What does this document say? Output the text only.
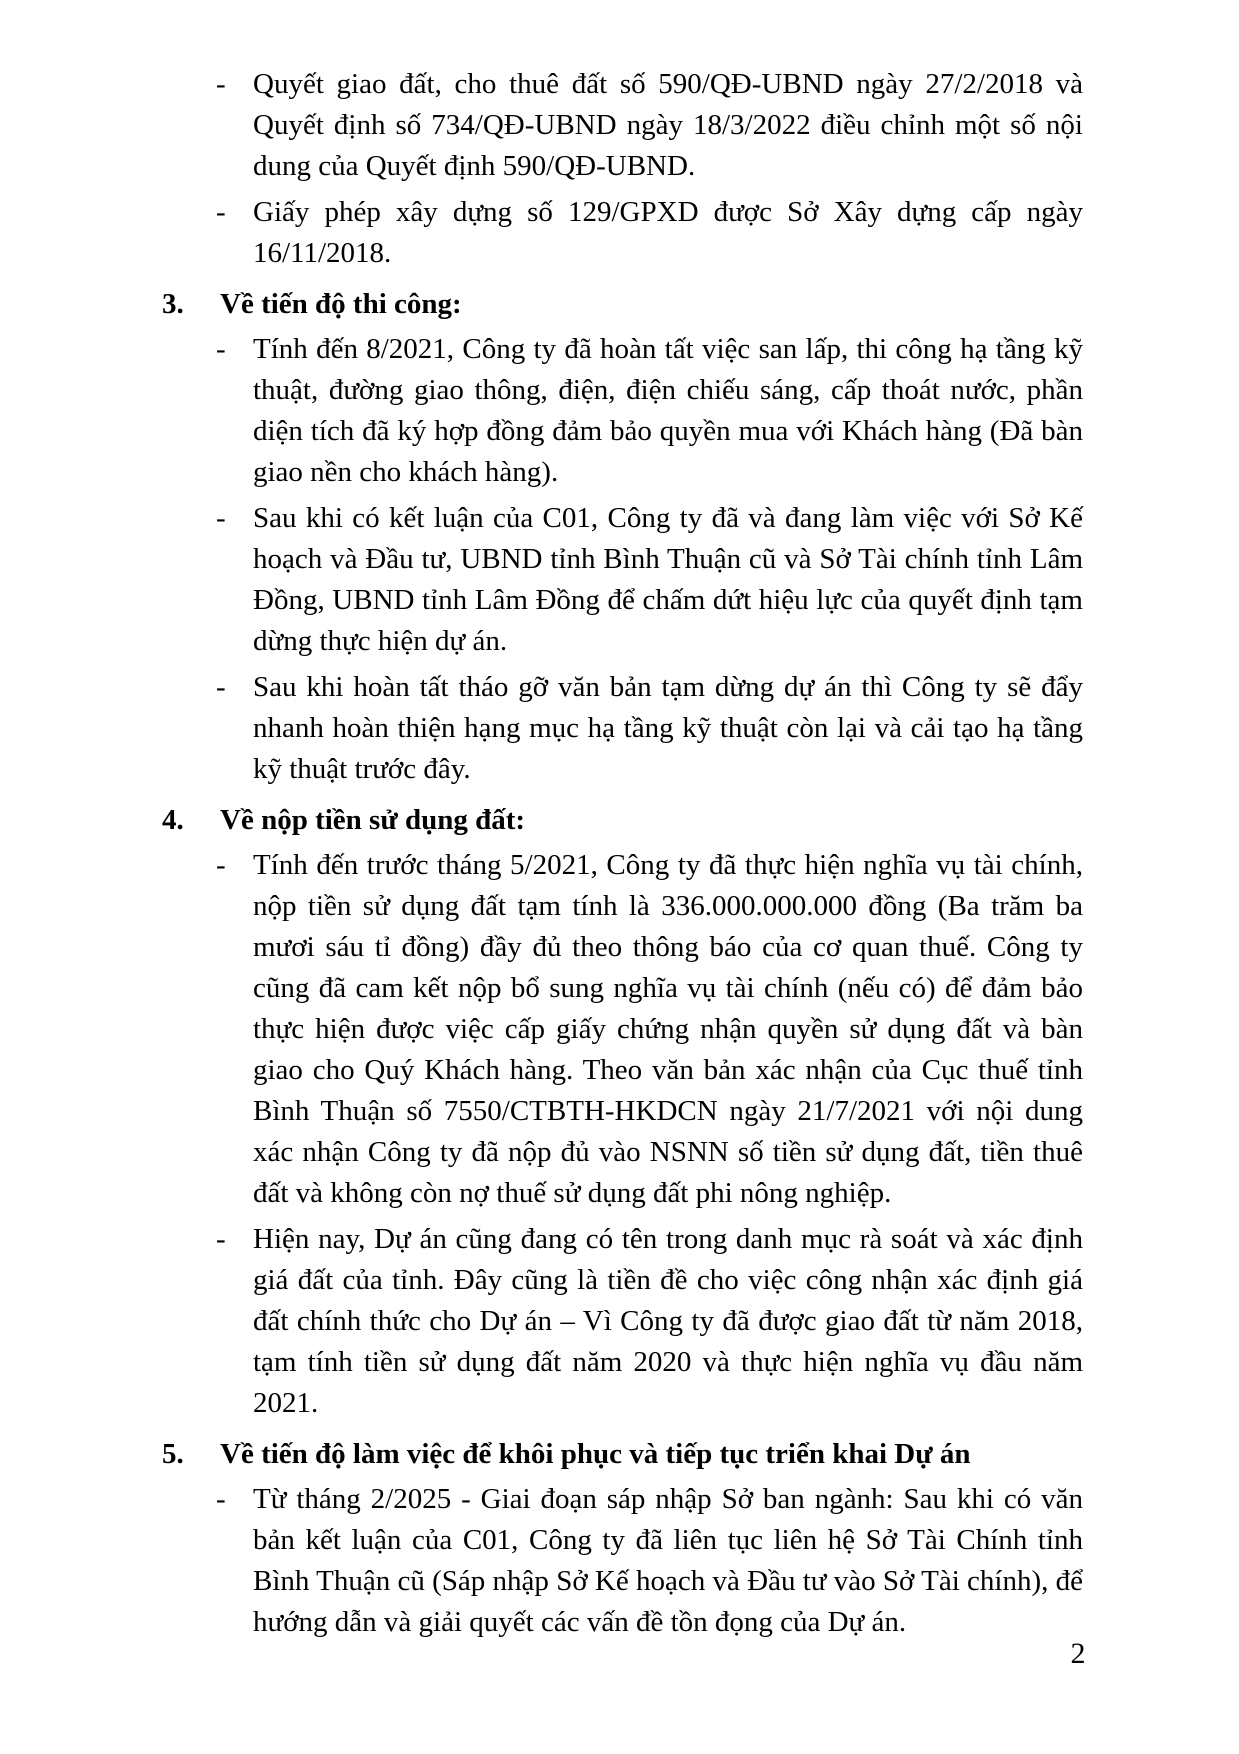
- Quyết giao đất, cho thuê đất số 590/QĐ-UBND ngày 27/2/2018 và Quyết định số 734/QĐ-UBND ngày 18/3/2022 điều chỉnh một số nội dung của Quyết định 590/QĐ-UBND.

- Giấy phép xây dựng số 129/GPXD được Sở Xây dựng cấp ngày 16/11/2018.

3. Về tiến độ thi công:

- Tính đến 8/2021, Công ty đã hoàn tất việc san lấp, thi công hạ tầng kỹ thuật, đường giao thông, điện, điện chiếu sáng, cấp thoát nước, phần diện tích đã ký hợp đồng đảm bảo quyền mua với Khách hàng (Đã bàn giao nền cho khách hàng).

- Sau khi có kết luận của C01, Công ty đã và đang làm việc với Sở Kế hoạch và Đầu tư, UBND tỉnh Bình Thuận cũ và Sở Tài chính tỉnh Lâm Đồng, UBND tỉnh Lâm Đồng để chấm dứt hiệu lực của quyết định tạm dừng thực hiện dự án.

- Sau khi hoàn tất tháo gỡ văn bản tạm dừng dự án thì Công ty sẽ đẩy nhanh hoàn thiện hạng mục hạ tầng kỹ thuật còn lại và cải tạo hạ tầng kỹ thuật trước đây.

4. Về nộp tiền sử dụng đất:

- Tính đến trước tháng 5/2021, Công ty đã thực hiện nghĩa vụ tài chính, nộp tiền sử dụng đất tạm tính là 336.000.000.000 đồng (Ba trăm ba mươi sáu tỉ đồng) đầy đủ theo thông báo của cơ quan thuế. Công ty cũng đã cam kết nộp bổ sung nghĩa vụ tài chính (nếu có) để đảm bảo thực hiện được việc cấp giấy chứng nhận quyền sử dụng đất và bàn giao cho Quý Khách hàng. Theo văn bản xác nhận của Cục thuế tỉnh Bình Thuận số 7550/CTBTH-HKDCN ngày 21/7/2021 với nội dung xác nhận Công ty đã nộp đủ vào NSNN số tiền sử dụng đất, tiền thuê đất và không còn nợ thuế sử dụng đất phi nông nghiệp.

- Hiện nay, Dự án cũng đang có tên trong danh mục rà soát và xác định giá đất của tỉnh. Đây cũng là tiền đề cho việc công nhận xác định giá đất chính thức cho Dự án – Vì Công ty đã được giao đất từ năm 2018, tạm tính tiền sử dụng đất năm 2020 và thực hiện nghĩa vụ đầu năm 2021.

5. Về tiến độ làm việc để khôi phục và tiếp tục triển khai Dự án

- Từ tháng 2/2025 - Giai đoạn sáp nhập Sở ban ngành: Sau khi có văn bản kết luận của C01, Công ty đã liên tục liên hệ Sở Tài Chính tỉnh Bình Thuận cũ (Sáp nhập Sở Kế hoạch và Đầu tư vào Sở Tài chính), để hướng dẫn và giải quyết các vấn đề tồn đọng của Dự án.

2
